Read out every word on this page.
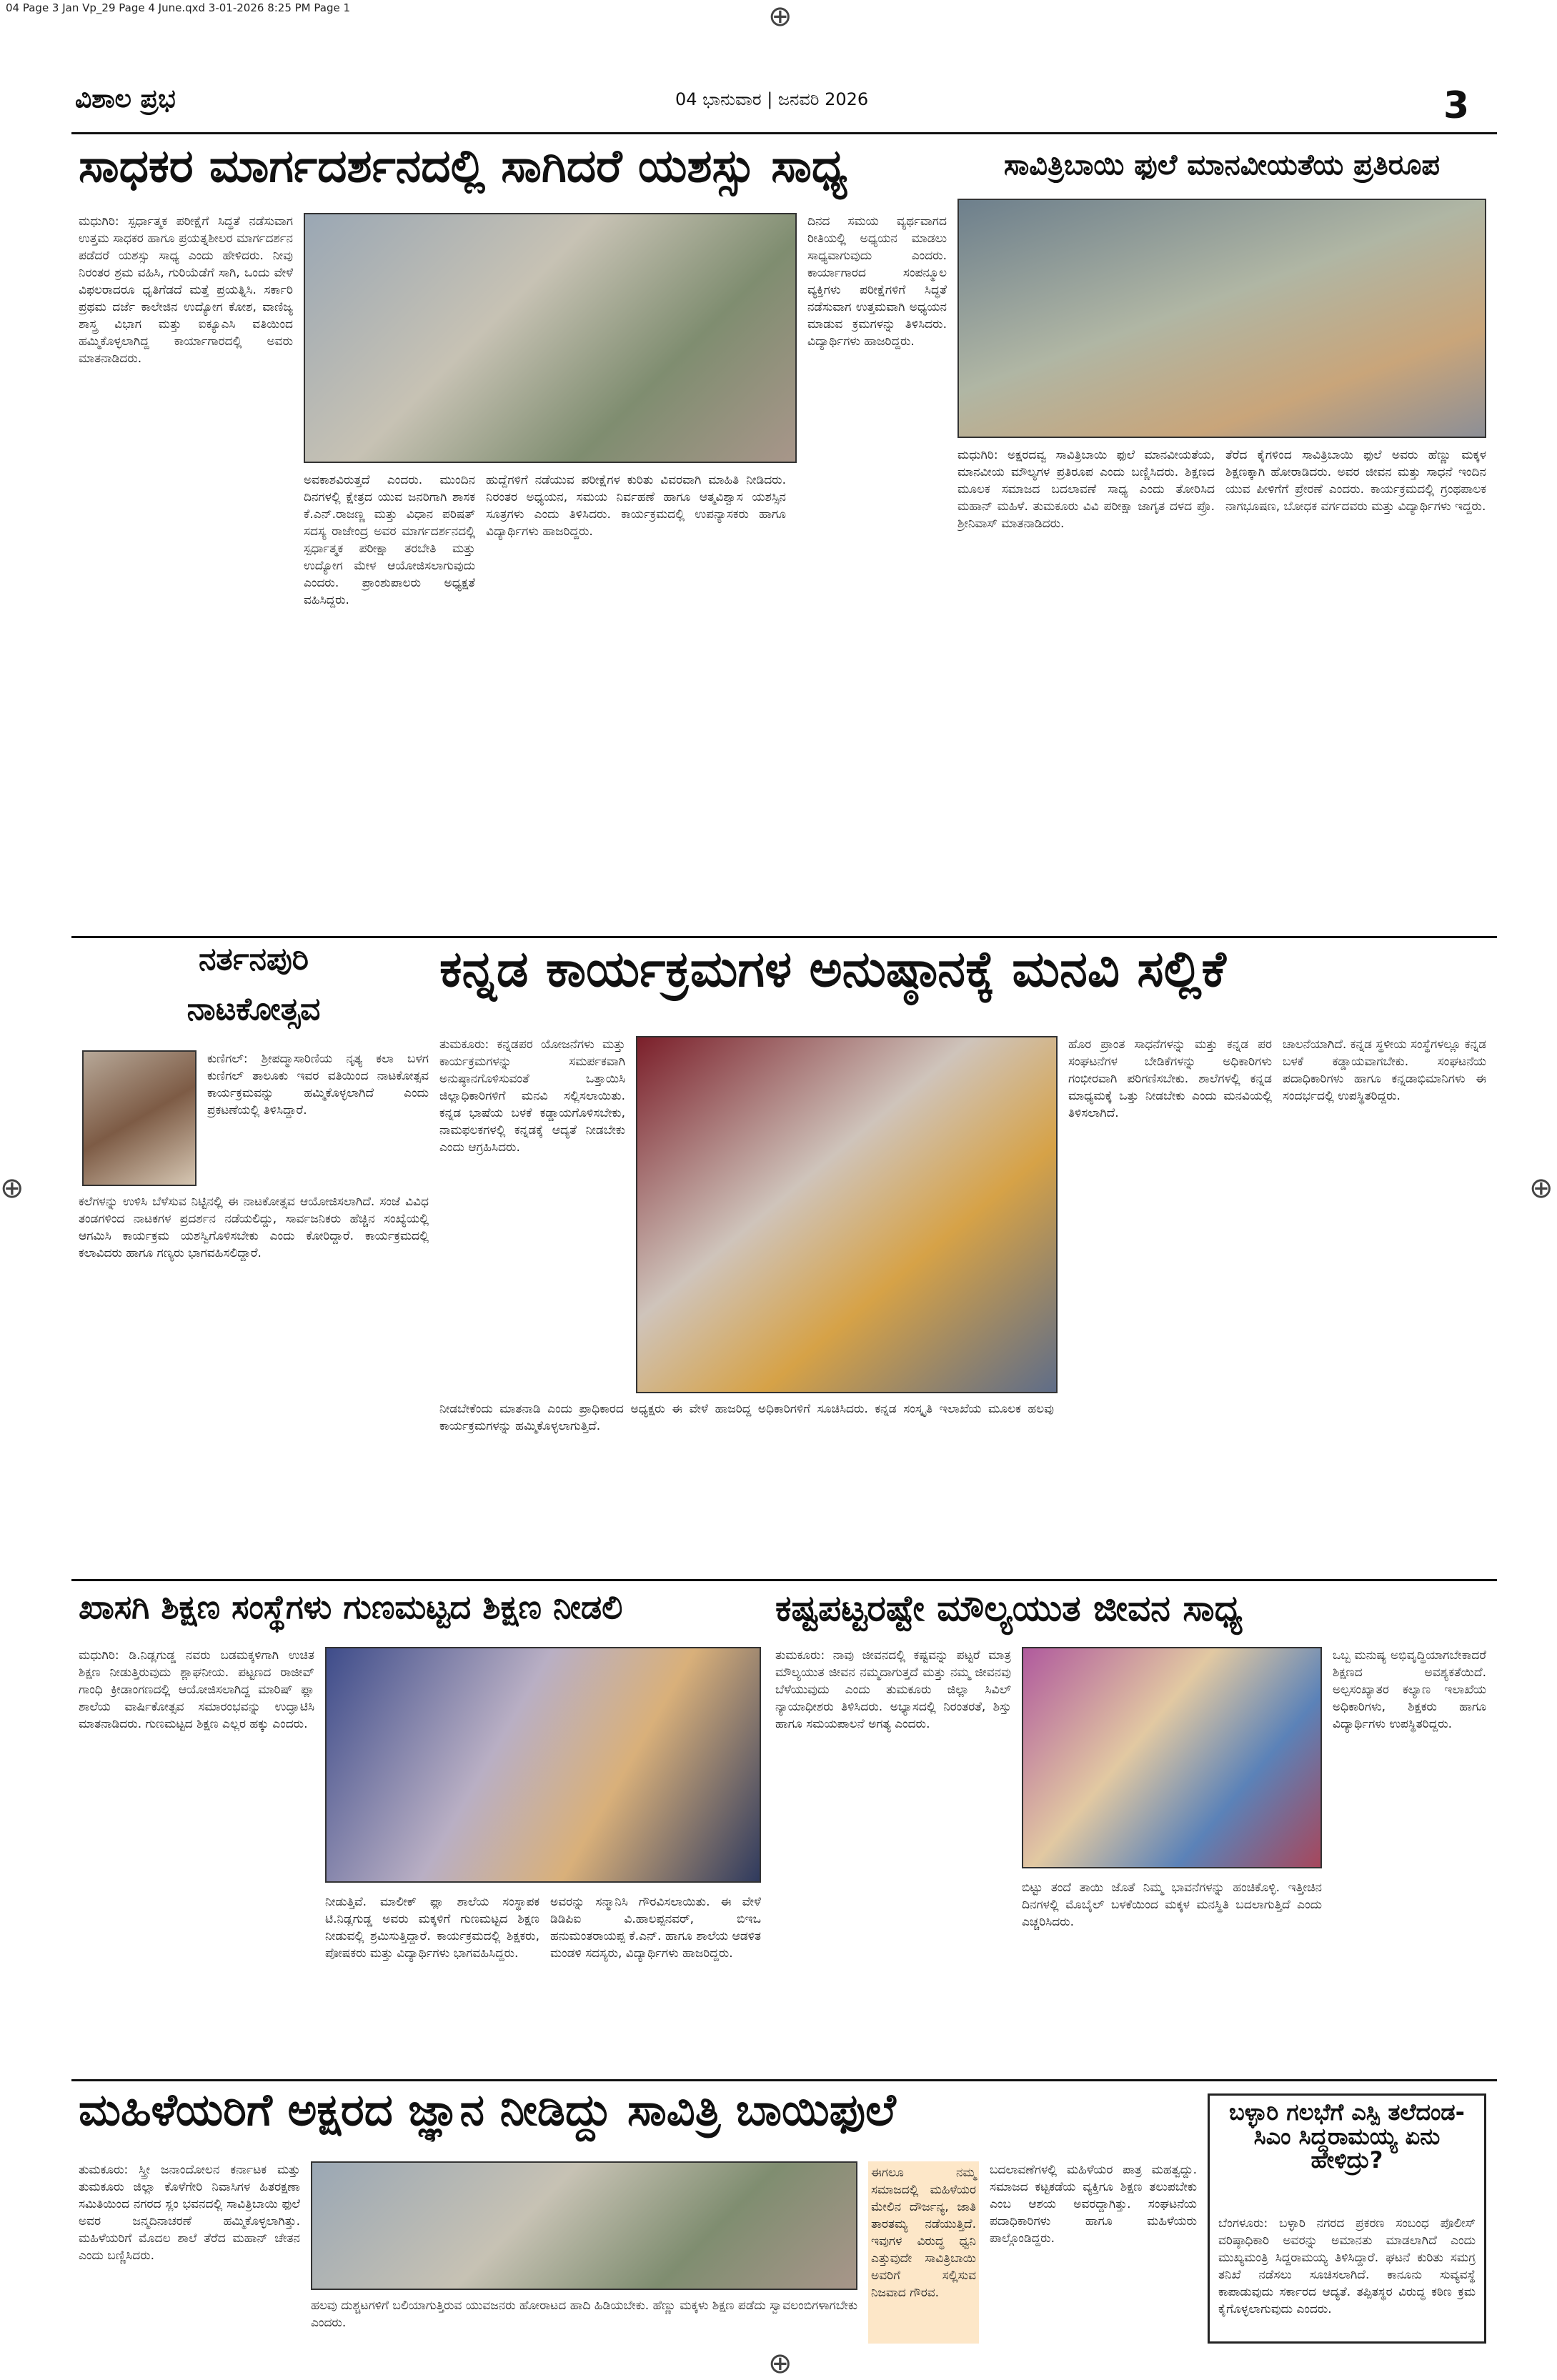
04 Page 3 Jan Vp_29 Page 4 June.qxd 3-01-2026 8:25 PM Page 1	⊕
⊕	⊕
⊕
ವಿಶಾಲ ಪ್ರಭ	04 ಭಾನುವಾರ | ಜನವರಿ 2026	3
ಸಾಧಕರ ಮಾರ್ಗದರ್ಶನದಲ್ಲಿ ಸಾಗಿದರೆ ಯಶಸ್ಸು ಸಾಧ್ಯ
ಮಧುಗಿರಿ: ಸ್ಪರ್ಧಾತ್ಮಕ ಪರೀಕ್ಷೆಗೆ ಸಿದ್ಧತೆ ನಡೆಸುವಾಗ ಉತ್ತಮ ಸಾಧಕರ ಹಾಗೂ ಪ್ರಯತ್ನಶೀಲರ ಮಾರ್ಗದರ್ಶನ ಪಡೆದರೆ ಯಶಸ್ಸು ಸಾಧ್ಯ ಎಂದು ಹೇಳಿದರು. ನೀವು ನಿರಂತರ ಶ್ರಮ ವಹಿಸಿ, ಗುರಿಯೆಡೆಗೆ ಸಾಗಿ, ಒಂದು ವೇಳೆ ವಿಫಲರಾದರೂ ಧೃತಿಗೆಡದೆ ಮತ್ತೆ ಪ್ರಯತ್ನಿಸಿ. ಸರ್ಕಾರಿ ಪ್ರಥಮ ದರ್ಜೆ ಕಾಲೇಜಿನ ಉದ್ಯೋಗ ಕೋಶ, ವಾಣಿಜ್ಯ ಶಾಸ್ತ್ರ ವಿಭಾಗ ಮತ್ತು ಐಕ್ಯೂಎಸಿ ವತಿಯಿಂದ ಹಮ್ಮಿಕೊಳ್ಳಲಾಗಿದ್ದ ಕಾರ್ಯಾಗಾರದಲ್ಲಿ ಅವರು ಮಾತನಾಡಿದರು.
ದಿನದ ಸಮಯ ವ್ಯರ್ಥವಾಗದ ರೀತಿಯಲ್ಲಿ ಅಧ್ಯಯನ ಮಾಡಲು ಸಾಧ್ಯವಾಗುವುದು ಎಂದರು. ಕಾರ್ಯಾಗಾರದ ಸಂಪನ್ಮೂಲ ವ್ಯಕ್ತಿಗಳು ಪರೀಕ್ಷೆಗಳಿಗೆ ಸಿದ್ಧತೆ ನಡೆಸುವಾಗ ಉತ್ತಮವಾಗಿ ಅಧ್ಯಯನ ಮಾಡುವ ಕ್ರಮಗಳನ್ನು ತಿಳಿಸಿದರು. ವಿದ್ಯಾರ್ಥಿಗಳು ಹಾಜರಿದ್ದರು.
ಅವಕಾಶವಿರುತ್ತದೆ ಎಂದರು. ಮುಂದಿನ ದಿನಗಳಲ್ಲಿ ಕ್ಷೇತ್ರದ ಯುವ ಜನರಿಗಾಗಿ ಶಾಸಕ ಕೆ.ಎನ್.ರಾಜಣ್ಣ ಮತ್ತು ವಿಧಾನ ಪರಿಷತ್ ಸದಸ್ಯ ರಾಜೇಂದ್ರ ಅವರ ಮಾರ್ಗದರ್ಶನದಲ್ಲಿ ಸ್ಪರ್ಧಾತ್ಮಕ ಪರೀಕ್ಷಾ ತರಬೇತಿ ಮತ್ತು ಉದ್ಯೋಗ ಮೇಳ ಆಯೋಜಿಸಲಾಗುವುದು ಎಂದರು. ಪ್ರಾಂಶುಪಾಲರು ಅಧ್ಯಕ್ಷತೆ ವಹಿಸಿದ್ದರು.
ಹುದ್ದೆಗಳಿಗೆ ನಡೆಯುವ ಪರೀಕ್ಷೆಗಳ ಕುರಿತು ವಿವರವಾಗಿ ಮಾಹಿತಿ ನೀಡಿದರು. ನಿರಂತರ ಅಧ್ಯಯನ, ಸಮಯ ನಿರ್ವಹಣೆ ಹಾಗೂ ಆತ್ಮವಿಶ್ವಾಸ ಯಶಸ್ಸಿನ ಸೂತ್ರಗಳು ಎಂದು ತಿಳಿಸಿದರು. ಕಾರ್ಯಕ್ರಮದಲ್ಲಿ ಉಪನ್ಯಾಸಕರು ಹಾಗೂ ವಿದ್ಯಾರ್ಥಿಗಳು ಹಾಜರಿದ್ದರು.
ಸಾವಿತ್ರಿಬಾಯಿ ಫುಲೆ ಮಾನವೀಯತೆಯ ಪ್ರತಿರೂಪ
ಮಧುಗಿರಿ: ಅಕ್ಷರದವ್ವ ಸಾವಿತ್ರಿಬಾಯಿ ಫುಲೆ ಮಾನವೀಯತೆಯ, ಮಾನವೀಯ ಮೌಲ್ಯಗಳ ಪ್ರತಿರೂಪ ಎಂದು ಬಣ್ಣಿಸಿದರು. ಶಿಕ್ಷಣದ ಮೂಲಕ ಸಮಾಜದ ಬದಲಾವಣೆ ಸಾಧ್ಯ ಎಂದು ತೋರಿಸಿದ ಮಹಾನ್ ಮಹಿಳೆ. ತುಮಕೂರು ವಿವಿ ಪರೀಕ್ಷಾ ಜಾಗೃತ ದಳದ ಪ್ರೊ. ಶ್ರೀನಿವಾಸ್ ಮಾತನಾಡಿದರು.
ತೆರೆದ ಕೈಗಳಿಂದ ಸಾವಿತ್ರಿಬಾಯಿ ಫುಲೆ ಅವರು ಹೆಣ್ಣು ಮಕ್ಕಳ ಶಿಕ್ಷಣಕ್ಕಾಗಿ ಹೋರಾಡಿದರು. ಅವರ ಜೀವನ ಮತ್ತು ಸಾಧನೆ ಇಂದಿನ ಯುವ ಪೀಳಿಗೆಗೆ ಪ್ರೇರಣೆ ಎಂದರು. ಕಾರ್ಯಕ್ರಮದಲ್ಲಿ ಗ್ರಂಥಪಾಲಕ ನಾಗಭೂಷಣ, ಬೋಧಕ ವರ್ಗದವರು ಮತ್ತು ವಿದ್ಯಾರ್ಥಿಗಳು ಇದ್ದರು.
ನರ್ತನಪುರಿ
ನಾಟಕೋತ್ಸವ
ಕುಣಿಗಲ್: ಶ್ರೀಪದ್ಮಾಸಾರಿಣಿಯ ನೃತ್ಯ ಕಲಾ ಬಳಗ ಕುಣಿಗಲ್ ತಾಲೂಕು ಇವರ ವತಿಯಿಂದ ನಾಟಕೋತ್ಸವ ಕಾರ್ಯಕ್ರಮವನ್ನು ಹಮ್ಮಿಕೊಳ್ಳಲಾಗಿದೆ ಎಂದು ಪ್ರಕಟಣೆಯಲ್ಲಿ ತಿಳಿಸಿದ್ದಾರೆ.
ಕಲೆಗಳನ್ನು ಉಳಿಸಿ ಬೆಳೆಸುವ ನಿಟ್ಟಿನಲ್ಲಿ ಈ ನಾಟಕೋತ್ಸವ ಆಯೋಜಿಸಲಾಗಿದೆ. ಸಂಜೆ ವಿವಿಧ ತಂಡಗಳಿಂದ ನಾಟಕಗಳ ಪ್ರದರ್ಶನ ನಡೆಯಲಿದ್ದು, ಸಾರ್ವಜನಿಕರು ಹೆಚ್ಚಿನ ಸಂಖ್ಯೆಯಲ್ಲಿ ಆಗಮಿಸಿ ಕಾರ್ಯಕ್ರಮ ಯಶಸ್ವಿಗೊಳಿಸಬೇಕು ಎಂದು ಕೋರಿದ್ದಾರೆ. ಕಾರ್ಯಕ್ರಮದಲ್ಲಿ ಕಲಾವಿದರು ಹಾಗೂ ಗಣ್ಯರು ಭಾಗವಹಿಸಲಿದ್ದಾರೆ.
ಕನ್ನಡ ಕಾರ್ಯಕ್ರಮಗಳ ಅನುಷ್ಠಾನಕ್ಕೆ ಮನವಿ ಸಲ್ಲಿಕೆ
ತುಮಕೂರು: ಕನ್ನಡಪರ ಯೋಜನೆಗಳು ಮತ್ತು ಕಾರ್ಯಕ್ರಮಗಳನ್ನು ಸಮರ್ಪಕವಾಗಿ ಅನುಷ್ಠಾನಗೊಳಿಸುವಂತೆ ಒತ್ತಾಯಿಸಿ ಜಿಲ್ಲಾಧಿಕಾರಿಗಳಿಗೆ ಮನವಿ ಸಲ್ಲಿಸಲಾಯಿತು. ಕನ್ನಡ ಭಾಷೆಯ ಬಳಕೆ ಕಡ್ಡಾಯಗೊಳಿಸಬೇಕು, ನಾಮಫಲಕಗಳಲ್ಲಿ ಕನ್ನಡಕ್ಕೆ ಆದ್ಯತೆ ನೀಡಬೇಕು ಎಂದು ಆಗ್ರಹಿಸಿದರು.
ಹೊರ ಪ್ರಾಂತ ಸಾಧನೆಗಳನ್ನು ಮತ್ತು ಕನ್ನಡ ಪರ ಸಂಘಟನೆಗಳ ಬೇಡಿಕೆಗಳನ್ನು ಅಧಿಕಾರಿಗಳು ಗಂಭೀರವಾಗಿ ಪರಿಗಣಿಸಬೇಕು. ಶಾಲೆಗಳಲ್ಲಿ ಕನ್ನಡ ಮಾಧ್ಯಮಕ್ಕೆ ಒತ್ತು ನೀಡಬೇಕು ಎಂದು ಮನವಿಯಲ್ಲಿ ತಿಳಿಸಲಾಗಿದೆ.
ಚಾಲನೆಯಾಗಿದೆ. ಕನ್ನಡ ಸ್ಥಳೀಯ ಸಂಸ್ಥೆಗಳಲ್ಲೂ ಕನ್ನಡ ಬಳಕೆ ಕಡ್ಡಾಯವಾಗಬೇಕು. ಸಂಘಟನೆಯ ಪದಾಧಿಕಾರಿಗಳು ಹಾಗೂ ಕನ್ನಡಾಭಿಮಾನಿಗಳು ಈ ಸಂದರ್ಭದಲ್ಲಿ ಉಪಸ್ಥಿತರಿದ್ದರು.
ನೀಡಬೇಕೆಂದು ಮಾತನಾಡಿ ಎಂದು ಪ್ರಾಧಿಕಾರದ ಅಧ್ಯಕ್ಷರು ಈ ವೇಳೆ ಹಾಜರಿದ್ದ ಅಧಿಕಾರಿಗಳಿಗೆ ಸೂಚಿಸಿದರು. ಕನ್ನಡ ಸಂಸ್ಕೃತಿ ಇಲಾಖೆಯ ಮೂಲಕ ಹಲವು ಕಾರ್ಯಕ್ರಮಗಳನ್ನು ಹಮ್ಮಿಕೊಳ್ಳಲಾಗುತ್ತಿದೆ.
ಖಾಸಗಿ ಶಿಕ್ಷಣ ಸಂಸ್ಥೆಗಳು ಗುಣಮಟ್ಟದ ಶಿಕ್ಷಣ ನೀಡಲಿ
ಮಧುಗಿರಿ: ಡಿ.ನಿಡ್ಲಗುಡ್ಡ ನವರು ಬಡಮಕ್ಕಳಿಗಾಗಿ ಉಚಿತ ಶಿಕ್ಷಣ ನೀಡುತ್ತಿರುವುದು ಶ್ಲಾಘನೀಯ. ಪಟ್ಟಣದ ರಾಜೀವ್ ಗಾಂಧಿ ಕ್ರೀಡಾಂಗಣದಲ್ಲಿ ಆಯೋಜಿಸಲಾಗಿದ್ದ ಮಾರಿಷ್ ಪ್ಲಾ ಶಾಲೆಯ ವಾರ್ಷಿಕೋತ್ಸವ ಸಮಾರಂಭವನ್ನು ಉದ್ಘಾಟಿಸಿ ಮಾತನಾಡಿದರು. ಗುಣಮಟ್ಟದ ಶಿಕ್ಷಣ ಎಲ್ಲರ ಹಕ್ಕು ಎಂದರು.
ನೀಡುತ್ತಿವೆ. ಮಾಲೀಕ್ ಪ್ಲಾ ಶಾಲೆಯ ಸಂಸ್ಥಾಪಕ ಟಿ.ನಿಡ್ಲಗುಡ್ಡ ಅವರು ಮಕ್ಕಳಿಗೆ ಗುಣಮಟ್ಟದ ಶಿಕ್ಷಣ ನೀಡುವಲ್ಲಿ ಶ್ರಮಿಸುತ್ತಿದ್ದಾರೆ. ಕಾರ್ಯಕ್ರಮದಲ್ಲಿ ಶಿಕ್ಷಕರು, ಪೋಷಕರು ಮತ್ತು ವಿದ್ಯಾರ್ಥಿಗಳು ಭಾಗವಹಿಸಿದ್ದರು.
ಅವರನ್ನು ಸನ್ಮಾನಿಸಿ ಗೌರವಿಸಲಾಯಿತು. ಈ ವೇಳೆ ಡಿಡಿಪಿಐ ವಿ.ಹಾಲಪ್ಪನವರ್, ಬಿಇಒ ಹನುಮಂತರಾಯಪ್ಪ ಕೆ.ಎನ್. ಹಾಗೂ ಶಾಲೆಯ ಆಡಳಿತ ಮಂಡಳಿ ಸದಸ್ಯರು, ವಿದ್ಯಾರ್ಥಿಗಳು ಹಾಜರಿದ್ದರು.
ಕಷ್ಟಪಟ್ಟರಷ್ಟೇ ಮೌಲ್ಯಯುತ ಜೀವನ ಸಾಧ್ಯ
ತುಮಕೂರು: ನಾವು ಜೀವನದಲ್ಲಿ ಕಷ್ಟವನ್ನು ಪಟ್ಟರೆ ಮಾತ್ರ ಮೌಲ್ಯಯುತ ಜೀವನ ನಮ್ಮದಾಗುತ್ತದೆ ಮತ್ತು ನಮ್ಮ ಜೀವನವು ಬೆಳೆಯುವುದು ಎಂದು ತುಮಕೂರು ಜಿಲ್ಲಾ ಸಿವಿಲ್ ನ್ಯಾಯಾಧೀಶರು ತಿಳಿಸಿದರು. ಅಭ್ಯಾಸದಲ್ಲಿ ನಿರಂತರತೆ, ಶಿಸ್ತು ಹಾಗೂ ಸಮಯಪಾಲನೆ ಅಗತ್ಯ ಎಂದರು.
ಒಬ್ಬ ಮನುಷ್ಯ ಅಭಿವೃದ್ಧಿಯಾಗಬೇಕಾದರೆ ಶಿಕ್ಷಣದ ಅವಶ್ಯಕತೆಯಿದೆ. ಅಲ್ಪಸಂಖ್ಯಾತರ ಕಲ್ಯಾಣ ಇಲಾಖೆಯ ಅಧಿಕಾರಿಗಳು, ಶಿಕ್ಷಕರು ಹಾಗೂ ವಿದ್ಯಾರ್ಥಿಗಳು ಉಪಸ್ಥಿತರಿದ್ದರು.
ಬಿಟ್ಟು ತಂದೆ ತಾಯಿ ಜೊತೆ ನಿಮ್ಮ ಭಾವನೆಗಳನ್ನು ಹಂಚಿಕೊಳ್ಳಿ. ಇತ್ತೀಚಿನ ದಿನಗಳಲ್ಲಿ ಮೊಬೈಲ್ ಬಳಕೆಯಿಂದ ಮಕ್ಕಳ ಮನಸ್ಥಿತಿ ಬದಲಾಗುತ್ತಿದೆ ಎಂದು ಎಚ್ಚರಿಸಿದರು.
ಮಹಿಳೆಯರಿಗೆ ಅಕ್ಷರದ ಜ್ಞಾನ ನೀಡಿದ್ದು ಸಾವಿತ್ರಿ ಬಾಯಿಫುಲೆ
ತುಮಕೂರು: ಸ್ತ್ರೀ ಜನಾಂದೋಲನ ಕರ್ನಾಟಕ ಮತ್ತು ತುಮಕೂರು ಜಿಲ್ಲಾ ಕೊಳೆಗೇರಿ ನಿವಾಸಿಗಳ ಹಿತರಕ್ಷಣಾ ಸಮಿತಿಯಿಂದ ನಗರದ ಸ್ಲಂ ಭವನದಲ್ಲಿ ಸಾವಿತ್ರಿಬಾಯಿ ಫುಲೆ ಅವರ ಜನ್ಮದಿನಾಚರಣೆ ಹಮ್ಮಿಕೊಳ್ಳಲಾಗಿತ್ತು. ಮಹಿಳೆಯರಿಗೆ ಮೊದಲ ಶಾಲೆ ತೆರೆದ ಮಹಾನ್ ಚೇತನ ಎಂದು ಬಣ್ಣಿಸಿದರು.
ಹಲವು ದುಶ್ಚಟಗಳಿಗೆ ಬಲಿಯಾಗುತ್ತಿರುವ ಯುವಜನರು ಹೋರಾಟದ ಹಾದಿ ಹಿಡಿಯಬೇಕು. ಹೆಣ್ಣು ಮಕ್ಕಳು ಶಿಕ್ಷಣ ಪಡೆದು ಸ್ವಾವಲಂಬಿಗಳಾಗಬೇಕು ಎಂದರು.
ಈಗಲೂ ನಮ್ಮ ಸಮಾಜದಲ್ಲಿ ಮಹಿಳೆಯರ ಮೇಲಿನ ದೌರ್ಜನ್ಯ, ಜಾತಿ ತಾರತಮ್ಯ ನಡೆಯುತ್ತಿದೆ. ಇವುಗಳ ವಿರುದ್ಧ ಧ್ವನಿ ಎತ್ತುವುದೇ ಸಾವಿತ್ರಿಬಾಯಿ ಅವರಿಗೆ ಸಲ್ಲಿಸುವ ನಿಜವಾದ ಗೌರವ.
ಬದಲಾವಣೆಗಳಲ್ಲಿ ಮಹಿಳೆಯರ ಪಾತ್ರ ಮಹತ್ವದ್ದು. ಸಮಾಜದ ಕಟ್ಟಕಡೆಯ ವ್ಯಕ್ತಿಗೂ ಶಿಕ್ಷಣ ತಲುಪಬೇಕು ಎಂಬ ಆಶಯ ಅವರದ್ದಾಗಿತ್ತು. ಸಂಘಟನೆಯ ಪದಾಧಿಕಾರಿಗಳು ಹಾಗೂ ಮಹಿಳೆಯರು ಪಾಲ್ಗೊಂಡಿದ್ದರು.
ಬಳ್ಳಾರಿ ಗಲಭೆಗೆ ಎಸ್ಪಿ ತಲೆದಂಡ-ಸಿಎಂ ಸಿದ್ದರಾಮಯ್ಯ ಏನು ಹೇಳಿದ್ರು?
ಬೆಂಗಳೂರು: ಬಳ್ಳಾರಿ ನಗರದ ಪ್ರಕರಣ ಸಂಬಂಧ ಪೊಲೀಸ್ ವರಿಷ್ಠಾಧಿಕಾರಿ ಅವರನ್ನು ಅಮಾನತು ಮಾಡಲಾಗಿದೆ ಎಂದು ಮುಖ್ಯಮಂತ್ರಿ ಸಿದ್ದರಾಮಯ್ಯ ತಿಳಿಸಿದ್ದಾರೆ. ಘಟನೆ ಕುರಿತು ಸಮಗ್ರ ತನಿಖೆ ನಡೆಸಲು ಸೂಚಿಸಲಾಗಿದೆ. ಕಾನೂನು ಸುವ್ಯವಸ್ಥೆ ಕಾಪಾಡುವುದು ಸರ್ಕಾರದ ಆದ್ಯತೆ. ತಪ್ಪಿತಸ್ಥರ ವಿರುದ್ಧ ಕಠಿಣ ಕ್ರಮ ಕೈಗೊಳ್ಳಲಾಗುವುದು ಎಂದರು.
